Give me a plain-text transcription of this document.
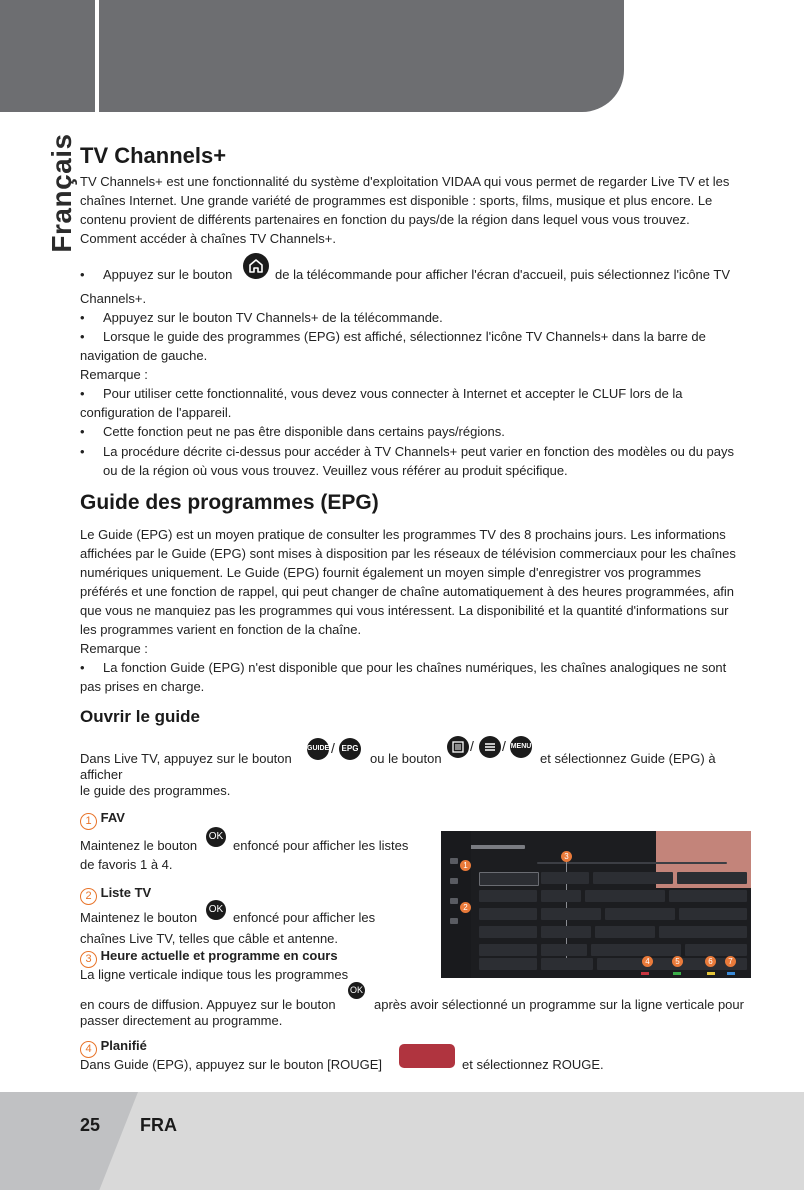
Français TV Channels+
TV Channels+ est une fonctionnalité du système d'exploitation VIDAA qui vous permet de regarder Live TV et les
chaînes Internet. Une grande variété de programmes est disponible : sports, films, musique et plus encore. Le
contenu provient de différents partenaires en fonction du pays/de la région dans lequel vous vous trouvez.
Comment accéder à chaînes TV Channels+.
• Appuyez sur le bouton	de la télécommande pour afficher l'écran d'accueil, puis sélectionnez l'icône TV
Channels+.
• Appuyez sur le bouton TV Channels+ de la télécommande.
• Lorsque le guide des programmes (EPG) est affiché, sélectionnez l'icône TV Channels+ dans la barre de
navigation de gauche.
Remarque :
• Pour utiliser cette fonctionnalité, vous devez vous connecter à Internet et accepter le CLUF lors de la
configuration de l'appareil.
• Cette fonction peut ne pas être disponible dans certains pays/régions.
• La procédure décrite ci-dessus pour accéder à TV Channels+ peut varier en fonction des modèles ou du pays
ou de la région où vous vous trouvez. Veuillez vous référer au produit spécifique.
Guide des programmes (EPG)
Le Guide (EPG) est un moyen pratique de consulter les programmes TV des 8 prochains jours. Les informations
affichées par le Guide (EPG) sont mises à disposition par les réseaux de télévision commerciaux pour les chaînes
numériques uniquement. Le Guide (EPG) fournit également un moyen simple d'enregistrer vos programmes
préférés et une fonction de rappel, qui peut changer de chaîne automatiquement à des heures programmées, afin
que vous ne manquiez pas les programmes qui vous intéressent. La disponibilité et la quantité d'informations sur
les programmes varient en fonction de la chaîne.
Remarque :
• La fonction Guide (EPG) n'est disponible que pour les chaînes numériques, les chaînes analogiques ne sont
pas prises en charge.
Ouvrir le guide
Dans Live TV, appuyez sur le bouton
GUIDE / EPG
ou le bouton
/ / MENU
et sélectionnez Guide (EPG) à
afficher
le guide des programmes.
1 FAV
Maintenez le bouton
OK
enfoncé pour afficher les listes
de favoris 1 à 4.
2 Liste TV
Maintenez le bouton
OK
enfoncé pour afficher les
chaînes Live TV, telles que câble et antenne.
3 Heure actuelle et programme en cours
La ligne verticale indique tous les programmes
en cours de diffusion. Appuyez sur le bouton
OK
après avoir sélectionné un programme sur la ligne verticale pour
passer directement au programme.
4 Planifié
Dans Guide (EPG), appuyez sur le bouton [ROUGE]	et sélectionnez ROUGE.
1
2
3
4	5	6	7
25 FRA
